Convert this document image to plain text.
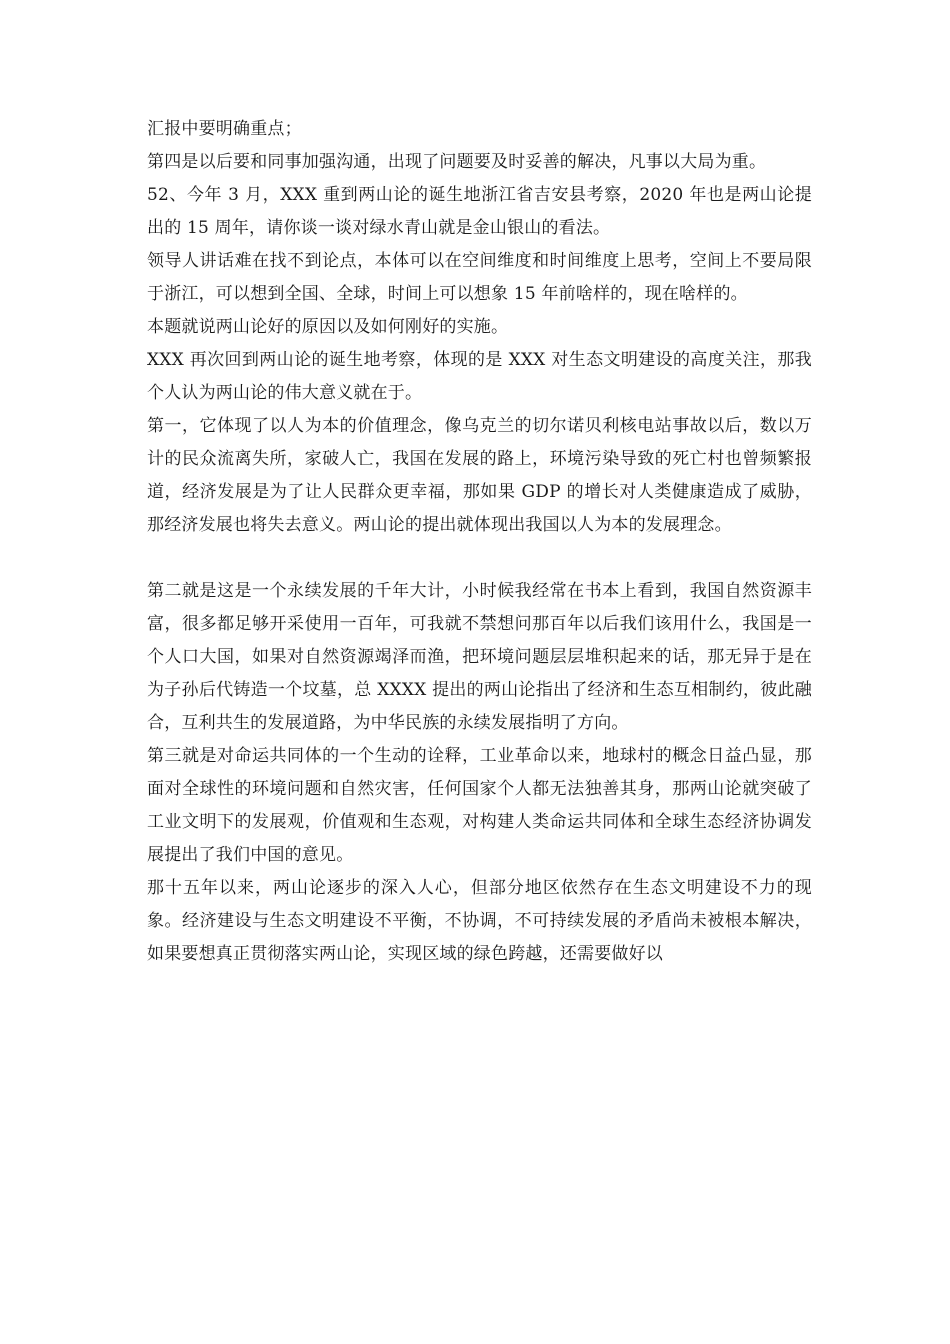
汇报中要明确重点；

第四是以后要和同事加强沟通，出现了问题要及时妥善的解决，凡事以大局为重。

52、今年 3 月，XXX 重到两山论的诞生地浙江省吉安县考察，2020 年也是两山论提出的 15 周年，请你谈一谈对绿水青山就是金山银山的看法。

领导人讲话难在找不到论点，本体可以在空间维度和时间维度上思考，空间上不要局限于浙江，可以想到全国、全球，时间上可以想象 15 年前啥样的，现在啥样的。

本题就说两山论好的原因以及如何刚好的实施。

XXX 再次回到两山论的诞生地考察，体现的是 XXX 对生态文明建设的高度关注，那我个人认为两山论的伟大意义就在于。

第一，它体现了以人为本的价值理念，像乌克兰的切尔诺贝利核电站事故以后，数以万计的民众流离失所，家破人亡，我国在发展的路上，环境污染导致的死亡村也曾频繁报道，经济发展是为了让人民群众更幸福，那如果 GDP 的增长对人类健康造成了威胁，那经济发展也将失去意义。两山论的提出就体现出我国以人为本的发展理念。

第二就是这是一个永续发展的千年大计，小时候我经常在书本上看到，我国自然资源丰富，很多都足够开采使用一百年，可我就不禁想问那百年以后我们该用什么，我国是一个人口大国，如果对自然资源竭泽而渔，把环境问题层层堆积起来的话，那无异于是在为子孙后代铸造一个坟墓，总 XXXX 提出的两山论指出了经济和生态互相制约，彼此融合，互利共生的发展道路，为中华民族的永续发展指明了方向。

第三就是对命运共同体的一个生动的诠释，工业革命以来，地球村的概念日益凸显，那面对全球性的环境问题和自然灾害，任何国家个人都无法独善其身，那两山论就突破了工业文明下的发展观，价值观和生态观，对构建人类命运共同体和全球生态经济协调发展提出了我们中国的意见。

那十五年以来，两山论逐步的深入人心，但部分地区依然存在生态文明建设不力的现象。经济建设与生态文明建设不平衡，不协调，不可持续发展的矛盾尚未被根本解决，如果要想真正贯彻落实两山论，实现区域的绿色跨越，还需要做好以
